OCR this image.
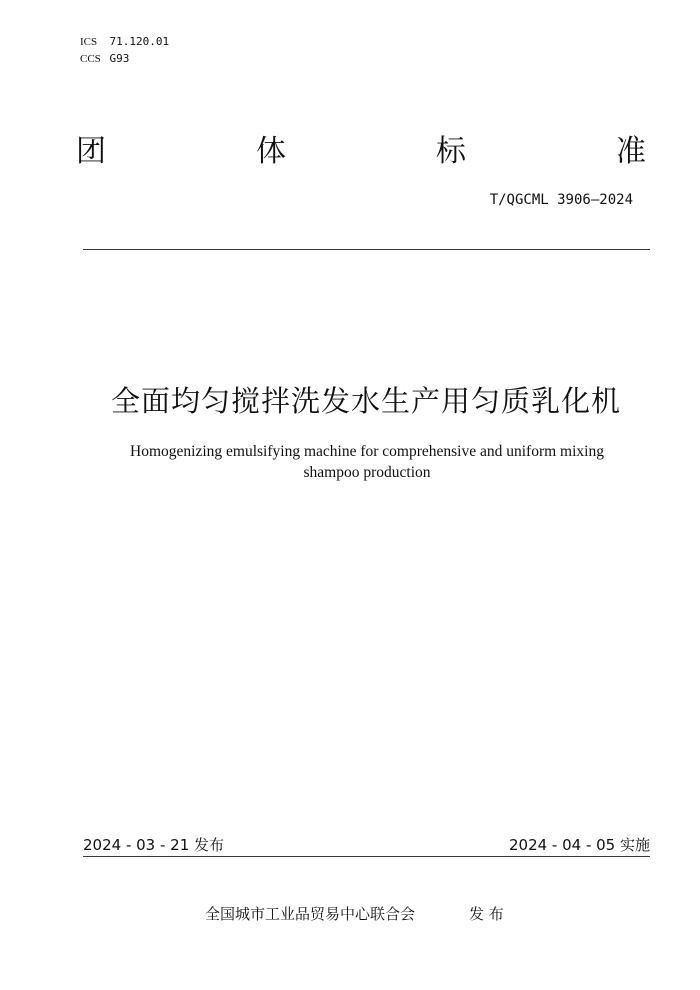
ICS 71.120.01
CCS G93
团	体	标	准
T/QGCML 3906—2024
全面均匀搅拌洗发水生产用匀质乳化机
Homogenizing emulsifying machine for comprehensive and uniform mixing
shampoo production
2024 - 03 - 21 发布	2024 - 04 - 05 实施
全国城市工业品贸易中心联合会	发 布
